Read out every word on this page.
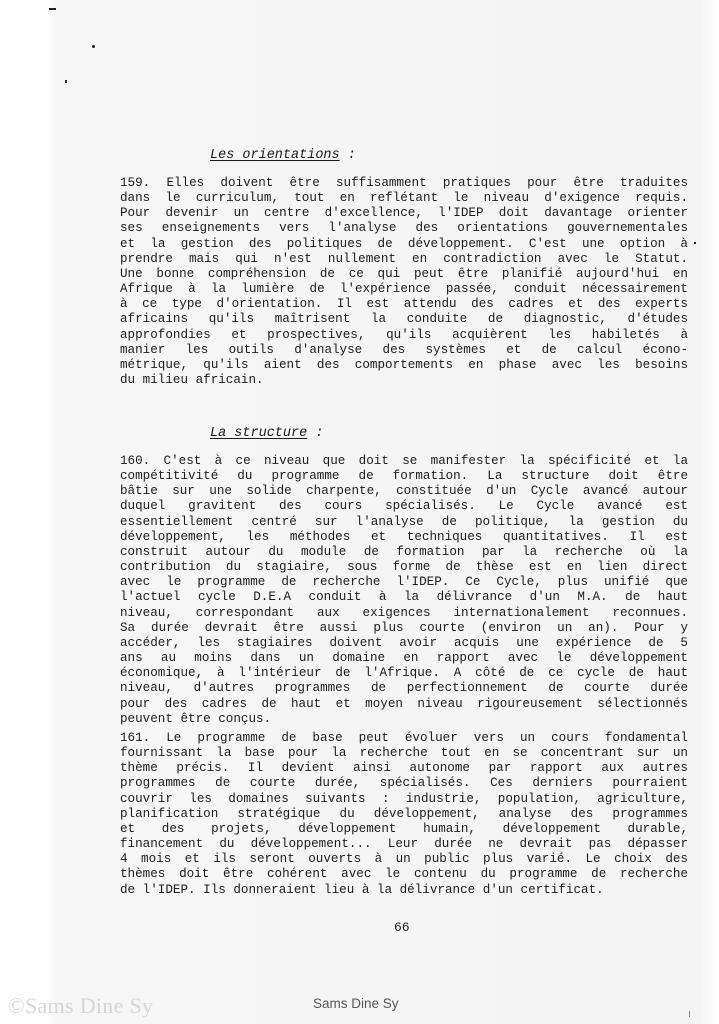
Les orientations :
159. Elles doivent être suffisamment pratiques pour être traduites
dans le curriculum, tout en reflétant le niveau d'exigence requis.
Pour devenir un centre d'excellence, l'IDEP doit davantage orienter
ses enseignements vers l'analyse des orientations gouvernementales
et la gestion des politiques de développement. C'est une option à
prendre mais qui n'est nullement en contradiction avec le Statut.
Une bonne compréhension de ce qui peut être planifié aujourd'hui en
Afrique à la lumière de l'expérience passée, conduit nécessairement
à ce type d'orientation. Il est attendu des cadres et des experts
africains qu'ils maîtrisent la conduite de diagnostic, d'études
approfondies et prospectives, qu'ils acquièrent les habiletés à
manier les outils d'analyse des systèmes et de calcul écono-
métrique, qu'ils aient des comportements en phase avec les besoins
du milieu africain.
La structure :
160. C'est à ce niveau que doit se manifester la spécificité et la
compétitivité du programme de formation. La structure doit être
bâtie sur une solide charpente, constituée d'un Cycle avancé autour
duquel gravitent des cours spécialisés. Le Cycle avancé est
essentiellement centré sur l'analyse de politique, la gestion du
développement, les méthodes et techniques quantitatives. Il est
construit autour du module de formation par la recherche où la
contribution du stagiaire, sous forme de thèse est en lien direct
avec le programme de recherche l'IDEP. Ce Cycle, plus unifié que
l'actuel cycle D.E.A conduit à la délivrance d'un M.A. de haut
niveau, correspondant aux exigences internationalement reconnues.
Sa durée devrait être aussi plus courte (environ un an). Pour y
accéder, les stagiaires doivent avoir acquis une expérience de 5
ans au moins dans un domaine en rapport avec le développement
économique, à l'intérieur de l'Afrique. A côté de ce cycle de haut
niveau, d'autres programmes de perfectionnement de courte durée
pour des cadres de haut et moyen niveau rigoureusement sélectionnés
peuvent être conçus.
161. Le programme de base peut évoluer vers un cours fondamental
fournissant la base pour la recherche tout en se concentrant sur un
thème précis. Il devient ainsi autonome par rapport aux autres
programmes de courte durée, spécialisés. Ces derniers pourraient
couvrir les domaines suivants : industrie, population, agriculture,
planification stratégique du développement, analyse des programmes
et des projets, développement humain, développement durable,
financement du développement... Leur durée ne devrait pas dépasser
4 mois et ils seront ouverts à un public plus varié. Le choix des
thèmes doit être cohérent avec le contenu du programme de recherche
de l'IDEP. Ils donneraient lieu à la délivrance d'un certificat.
66
©Sams Dine Sy	Sams Dine Sy
